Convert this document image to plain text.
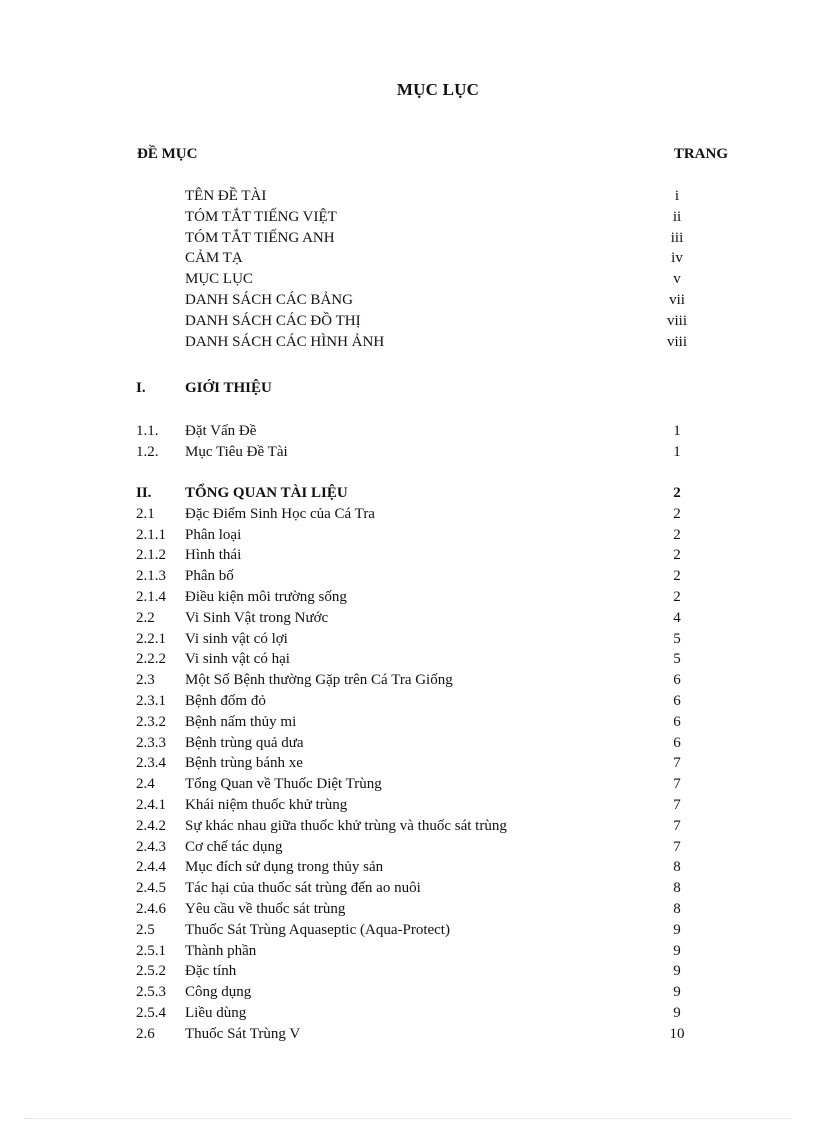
MỤC LỤC
ĐỀ MỤC	TRANG
TÊN ĐỀ TÀI	i
TÓM TẮT TIẾNG VIỆT	ii
TÓM TẮT TIẾNG ANH	iii
CẢM TẠ	iv
MỤC LỤC	v
DANH SÁCH CÁC BẢNG	vii
DANH SÁCH CÁC ĐỒ THỊ	viii
DANH SÁCH CÁC HÌNH ẢNH	viii
I.	GIỚI THIỆU
1.1. Đặt Vấn Đề	1
1.2. Mục Tiêu Đề Tài	1
II. TỔNG QUAN TÀI LIỆU	2
2.1 Đặc Điểm Sinh Học của Cá Tra	2
2.1.1 Phân loại	2
2.1.2 Hình thái	2
2.1.3 Phân bố	2
2.1.4 Điều kiện môi trường sống	2
2.2 Vi Sinh Vật trong Nước	4
2.2.1 Vi sinh vật có lợi	5
2.2.2 Vi sinh vật có hại	5
2.3 Một Số Bệnh thường Gặp trên Cá Tra Giống	6
2.3.1 Bệnh đốm đỏ	6
2.3.2 Bệnh nấm thủy mi	6
2.3.3 Bệnh trùng quả dưa	6
2.3.4 Bệnh trùng bánh xe	7
2.4 Tổng Quan về Thuốc Diệt Trùng	7
2.4.1 Khái niệm thuốc khử trùng	7
2.4.2 Sự khác nhau giữa thuốc khử trùng và thuốc sát trùng	7
2.4.3 Cơ chế tác dụng	7
2.4.4 Mục đích sử dụng trong thủy sản	8
2.4.5 Tác hại của thuốc sát trùng đến ao nuôi	8
2.4.6 Yêu cầu về thuốc sát trùng	8
2.5 Thuốc Sát Trùng Aquaseptic (Aqua-Protect)	9
2.5.1 Thành phần	9
2.5.2 Đặc tính	9
2.5.3 Công dụng	9
2.5.4 Liều dùng	9
2.6 Thuốc Sát Trùng V	10
